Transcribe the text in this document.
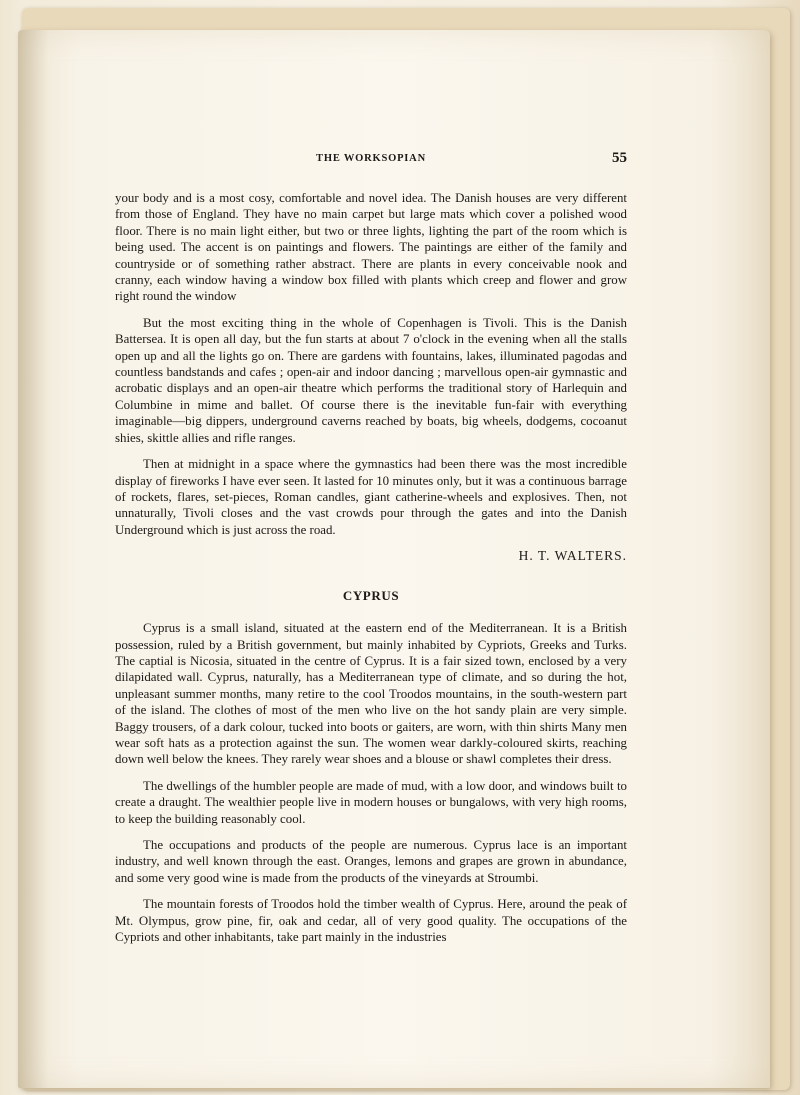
THE WORKSOPIAN	55

your body and is a most cosy, comfortable and novel idea. The Danish houses are very different from those of England. They have no main carpet but large mats which cover a polished wood floor. There is no main light either, but two or three lights, lighting the part of the room which is being used. The accent is on paintings and flowers. The paintings are either of the family and countryside or of something rather abstract. There are plants in every conceivable nook and cranny, each window having a window box filled with plants which creep and flower and grow right round the window

But the most exciting thing in the whole of Copenhagen is Tivoli. This is the Danish Battersea. It is open all day, but the fun starts at about 7 o'clock in the evening when all the stalls open up and all the lights go on. There are gardens with fountains, lakes, illuminated pagodas and countless bandstands and cafes ; open-air and indoor dancing ; marvellous open-air gymnastic and acrobatic displays and an open-air theatre which performs the traditional story of Harlequin and Columbine in mime and ballet. Of course there is the inevitable fun-fair with everything imaginable—big dippers, underground caverns reached by boats, big wheels, dodgems, cocoanut shies, skittle allies and rifle ranges.

Then at midnight in a space where the gymnastics had been there was the most incredible display of fireworks I have ever seen. It lasted for 10 minutes only, but it was a continuous barrage of rockets, flares, set-pieces, Roman candles, giant catherine-wheels and explosives. Then, not unnaturally, Tivoli closes and the vast crowds pour through the gates and into the Danish Underground which is just across the road.

H. T. WALTERS.

CYPRUS

Cyprus is a small island, situated at the eastern end of the Mediterranean. It is a British possession, ruled by a British government, but mainly inhabited by Cypriots, Greeks and Turks. The captial is Nicosia, situated in the centre of Cyprus. It is a fair sized town, enclosed by a very dilapidated wall. Cyprus, naturally, has a Mediterranean type of climate, and so during the hot, unpleasant summer months, many retire to the cool Troodos mountains, in the south-western part of the island. The clothes of most of the men who live on the hot sandy plain are very simple. Baggy trousers, of a dark colour, tucked into boots or gaiters, are worn, with thin shirts Many men wear soft hats as a protection against the sun. The women wear darkly-coloured skirts, reaching down well below the knees. They rarely wear shoes and a blouse or shawl completes their dress.

The dwellings of the humbler people are made of mud, with a low door, and windows built to create a draught. The wealthier people live in modern houses or bungalows, with very high rooms, to keep the building reasonably cool.

The occupations and products of the people are numerous. Cyprus lace is an important industry, and well known through the east. Oranges, lemons and grapes are grown in abundance, and some very good wine is made from the products of the vineyards at Stroumbi.

The mountain forests of Troodos hold the timber wealth of Cyprus. Here, around the peak of Mt. Olympus, grow pine, fir, oak and cedar, all of very good quality. The occupations of the Cypriots and other inhabitants, take part mainly in the industries
